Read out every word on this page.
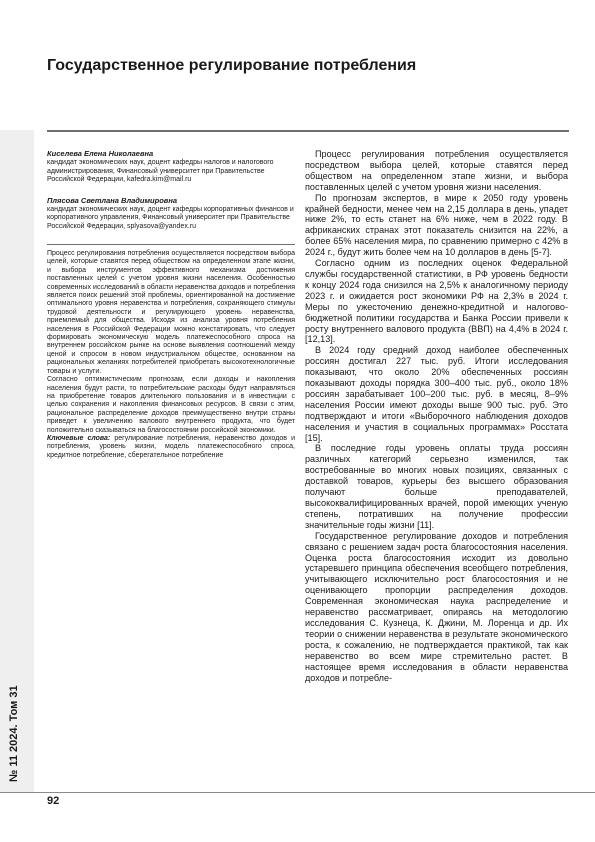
Государственное регулирование потребления
№ 11 2024. Том 31

Киселева Елена Николаевна

кандидат экономических наук, доцент кафедры налогов и налогового администрирования, Финансовый университет при Правительстве Российской Федерации, kafedra.kim@mail.ru

Плясова Светлана Владимировна

кандидат экономических наук, доцент кафедры корпоративных финансов и корпоративного управления, Финансовый университет при Правительстве Российской Федерации, splyasova@yandex.ru

Процесс регулирования потребления осуществляется посредством выбора целей, которые ставятся перед обществом на определенном этапе жизни, и выбора инструментов эффективного механизма достижения поставленных целей с учетом уровня жизни населения. Особенностью современных исследований в области неравенства доходов и потребления является поиск решений этой проблемы, ориентированной на достижение оптимального уровня неравенства и потребления, сохраняющего стимулы трудовой деятельности и регулирующего уровень неравенства, приемлемый для общества. Исходя из анализа уровня потребления населения в Российской Федерации можно констатировать, что следует формировать экономическую модель платежеспособного спроса на внутреннем российском рынке на основе выявления соотношений между ценой и спросом в новом индустриальном обществе, основанном на рациональных желаниях потребителей приобретать высокотехнологичные товары и услуги.

Согласно оптимистическим прогнозам, если доходы и накопления населения будут расти, то потребительские расходы будут направляться на приобретение товаров длительного пользования и в инвестиции с целью сохранения и накопления финансовых ресурсов. В связи с этим, рациональное распределение доходов преимущественно внутри страны приведет к увеличению валового внутреннего продукта, что будет положительно сказываться на благосостоянии российской экономики.

Ключевые слова: регулирование потребления, неравенство доходов и потребления, уровень жизни, модель платежеспособного спроса, кредитное потребление, сберегательное потребление

Процесс регулирования потребления осуществляется посредством выбора целей, которые ставятся перед обществом на определенном этапе жизни, и выбора поставленных целей с учетом уровня жизни населения.

По прогнозам экспертов, в мире к 2050 году уровень крайней бедности, менее чем на 2,15 доллара в день, упадет ниже 2%, то есть станет на 6% ниже, чем в 2022 году. В африканских странах этот показатель снизится на 22%, а более 65% населения мира, по сравнению примерно с 42% в 2024 г., будут жить более чем на 10 долларов в день [5-7].

Согласно одним из последних оценок Федеральной службы государственной статистики, в РФ уровень бедности к концу 2024 года снизился на 2,5% к аналогичному периоду 2023 г. и ожидается рост экономики РФ на 2,3% в 2024 г. Меры по ужесточению денежно-кредитной и налогово-бюджетной политики государства и Банка России привели к росту внутреннего валового продукта (ВВП) на 4,4% в 2024 г. [12,13].

В 2024 году средний доход наиболее обеспеченных россиян достигал 227 тыс. руб. Итоги исследования показывают, что около 20% обеспеченных россиян показывают доходы порядка 300–400 тыс. руб., около 18% россиян зарабатывает 100–200 тыс. руб. в месяц, 8–9% населения России имеют доходы выше 900 тыс. руб. Это подтверждают и итоги «Выборочного наблюдения доходов населения и участия в социальных программах» Росстата [15].

В последние годы уровень оплаты труда россиян различных категорий серьезно изменился, так востребованные во многих новых позициях, связанных с доставкой товаров, курьеры без высшего образования получают больше преподавателей, высококвалифицированных врачей, порой имеющих ученую степень, потративших на получение профессии значительные годы жизни [11].

Государственное регулирование доходов и потребления связано с решением задач роста благосостояния населения. Оценка роста благосостояния исходит из довольно устаревшего принципа обеспечения всеобщего потребления, учитывающего исключительно рост благосостояния и не оценивающего пропорции распределения доходов. Современная экономическая наука распределение и неравенство рассматривает, опираясь на методологию исследования С. Кузнеца, К. Джини, М. Лоренца и др. Их теории о снижении неравенства в результате экономического роста, к сожалению, не подтверждается практикой, так как неравенство во всем мире стремительно растет. В настоящее время исследования в области неравенства доходов и потребле-

92
